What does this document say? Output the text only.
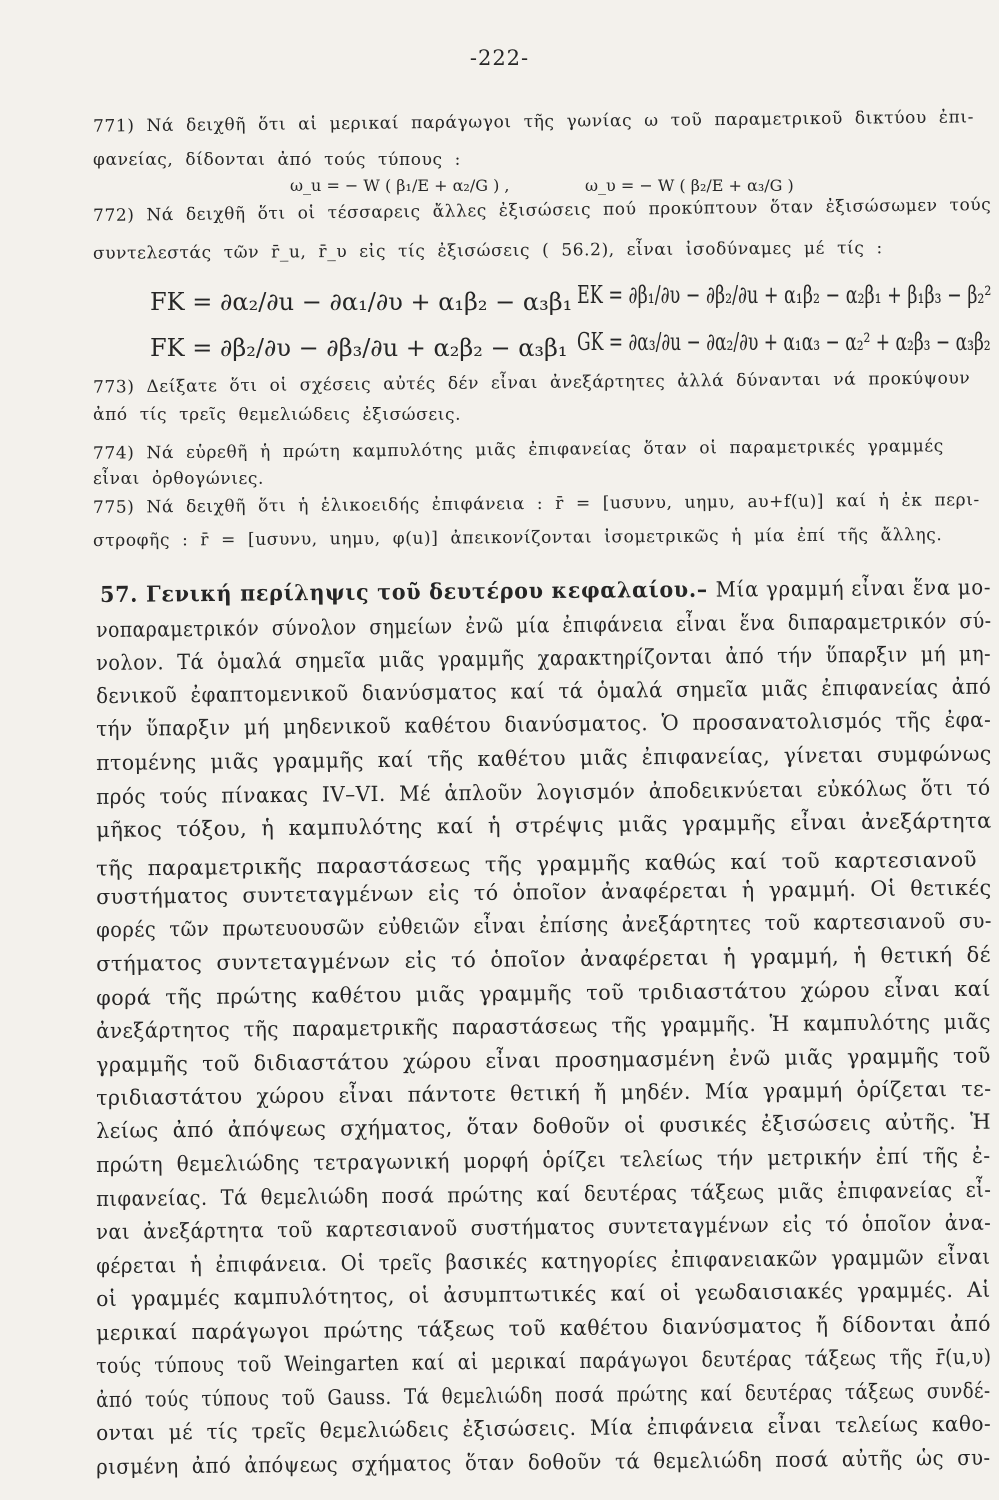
-222-
771) Νά δειχθῆ ὅτι αἱ μερικαί παράγωγοι τῆς γωνίας ω τοῦ παραμετρικοῦ δικτύου ἐπι-
φανείας, δίδονται ἀπό τούς τύπους :
ω_u = − W ( β₁/E + α₂/G ) ,	ω_υ = − W ( β₂/E + α₃/G )
772) Νά δειχθῆ ὅτι οἱ τέσσαρεις ἄλλες ἐξισώσεις πού προκύπτουν ὅταν ἐξισώσωμεν τούς
συντελεστάς τῶν r̄_u, r̄_υ εἰς τίς ἐξισώσεις ( 56.2), εἶναι ἰσοδύναμες μέ τίς :
FK = ∂α₂/∂u − ∂α₁/∂υ + α₁β₂ − α₃β₁ EK = ∂β₁/∂υ − ∂β₂/∂u + α₁β₂ − α₂β₁ + β₁β₃ − β₂²
FK = ∂β₂/∂υ − ∂β₃/∂u + α₂β₂ − α₃β₁ GK = ∂α₃/∂u − ∂α₂/∂υ + α₁α₃ − α₂² + α₂β₃ − α₃β₂
773) Δείξατε ὅτι οἱ σχέσεις αὐτές δέν εἶναι ἀνεξάρτητες ἀλλά δύνανται νά προκύψουν
ἀπό τίς τρεῖς θεμελιώδεις ἐξισώσεις.
774) Νά εὑρεθῆ ἡ πρώτη καμπυλότης μιᾶς ἐπιφανείας ὅταν οἱ παραμετρικές γραμμές
εἶναι ὀρθογώνιες.
775) Νά δειχθῆ ὅτι ἡ ἑλικοειδής ἐπιφάνεια : r̄ = [uσυνυ, uημυ, aυ+f(u)] καί ἡ ἐκ περι-
στροφῆς : r̄ = [uσυνυ, uημυ, φ(u)] ἀπεικονίζονται ἰσομετρικῶς ἡ μία ἐπί τῆς ἄλλης.
57. Γενική περίληψις τοῦ δευτέρου κεφαλαίου.– Μία γραμμή εἶναι ἕνα μο-
νοπαραμετρικόν σύνολον σημείων ἐνῶ μία ἐπιφάνεια εἶναι ἕνα διπαραμετρικόν σύ-
νολον. Τά ὁμαλά σημεῖα μιᾶς γραμμῆς χαρακτηρίζονται ἀπό τήν ὕπαρξιν μή μη-
δενικοῦ ἐφαπτομενικοῦ διανύσματος καί τά ὁμαλά σημεῖα μιᾶς ἐπιφανείας ἀπό
τήν ὕπαρξιν μή μηδενικοῦ καθέτου διανύσματος. Ὁ προσανατολισμός τῆς ἐφα-
πτομένης μιᾶς γραμμῆς καί τῆς καθέτου μιᾶς ἐπιφανείας, γίνεται συμφώνως
πρός τούς πίνακας IV–VI. Μέ ἁπλοῦν λογισμόν ἀποδεικνύεται εὐκόλως ὅτι τό
μῆκος τόξου, ἡ καμπυλότης καί ἡ στρέψις μιᾶς γραμμῆς εἶναι ἀνεξάρτητα
τῆς παραμετρικῆς παραστάσεως τῆς γραμμῆς καθώς καί τοῦ καρτεσιανοῦ
συστήματος συντεταγμένων εἰς τό ὁποῖον ἀναφέρεται ἡ γραμμή. Οἱ θετικές
φορές τῶν πρωτευουσῶν εὐθειῶν εἶναι ἐπίσης ἀνεξάρτητες τοῦ καρτεσιανοῦ συ-
στήματος συντεταγμένων εἰς τό ὁποῖον ἀναφέρεται ἡ γραμμή, ἡ θετική δέ
φορά τῆς πρώτης καθέτου μιᾶς γραμμῆς τοῦ τριδιαστάτου χώρου εἶναι καί
ἀνεξάρτητος τῆς παραμετρικῆς παραστάσεως τῆς γραμμῆς. Ἡ καμπυλότης μιᾶς
γραμμῆς τοῦ διδιαστάτου χώρου εἶναι προσημασμένη ἐνῶ μιᾶς γραμμῆς τοῦ
τριδιαστάτου χώρου εἶναι πάντοτε θετική ἤ μηδέν. Μία γραμμή ὁρίζεται τε-
λείως ἀπό ἀπόψεως σχήματος, ὅταν δοθοῦν οἱ φυσικές ἐξισώσεις αὐτῆς. Ἡ
πρώτη θεμελιώδης τετραγωνική μορφή ὁρίζει τελείως τήν μετρικήν ἐπί τῆς ἐ-
πιφανείας. Τά θεμελιώδη ποσά πρώτης καί δευτέρας τάξεως μιᾶς ἐπιφανείας εἶ-
ναι ἀνεξάρτητα τοῦ καρτεσιανοῦ συστήματος συντεταγμένων εἰς τό ὁποῖον ἀνα-
φέρεται ἡ ἐπιφάνεια. Οἱ τρεῖς βασικές κατηγορίες ἐπιφανειακῶν γραμμῶν εἶναι
οἱ γραμμές καμπυλότητος, οἱ ἀσυμπτωτικές καί οἱ γεωδαισιακές γραμμές. Αἱ
μερικαί παράγωγοι πρώτης τάξεως τοῦ καθέτου διανύσματος ἤ δίδονται ἀπό
τούς τύπους τοῦ Weingarten καί αἱ μερικαί παράγωγοι δευτέρας τάξεως τῆς r̄(u,υ)
ἀπό τούς τύπους τοῦ Gauss. Τά θεμελιώδη ποσά πρώτης καί δευτέρας τάξεως συνδέ-
ονται μέ τίς τρεῖς θεμελιώδεις ἐξισώσεις. Μία ἐπιφάνεια εἶναι τελείως καθο-
ρισμένη ἀπό ἀπόψεως σχήματος ὅταν δοθοῦν τά θεμελιώδη ποσά αὐτῆς ὡς συ-
